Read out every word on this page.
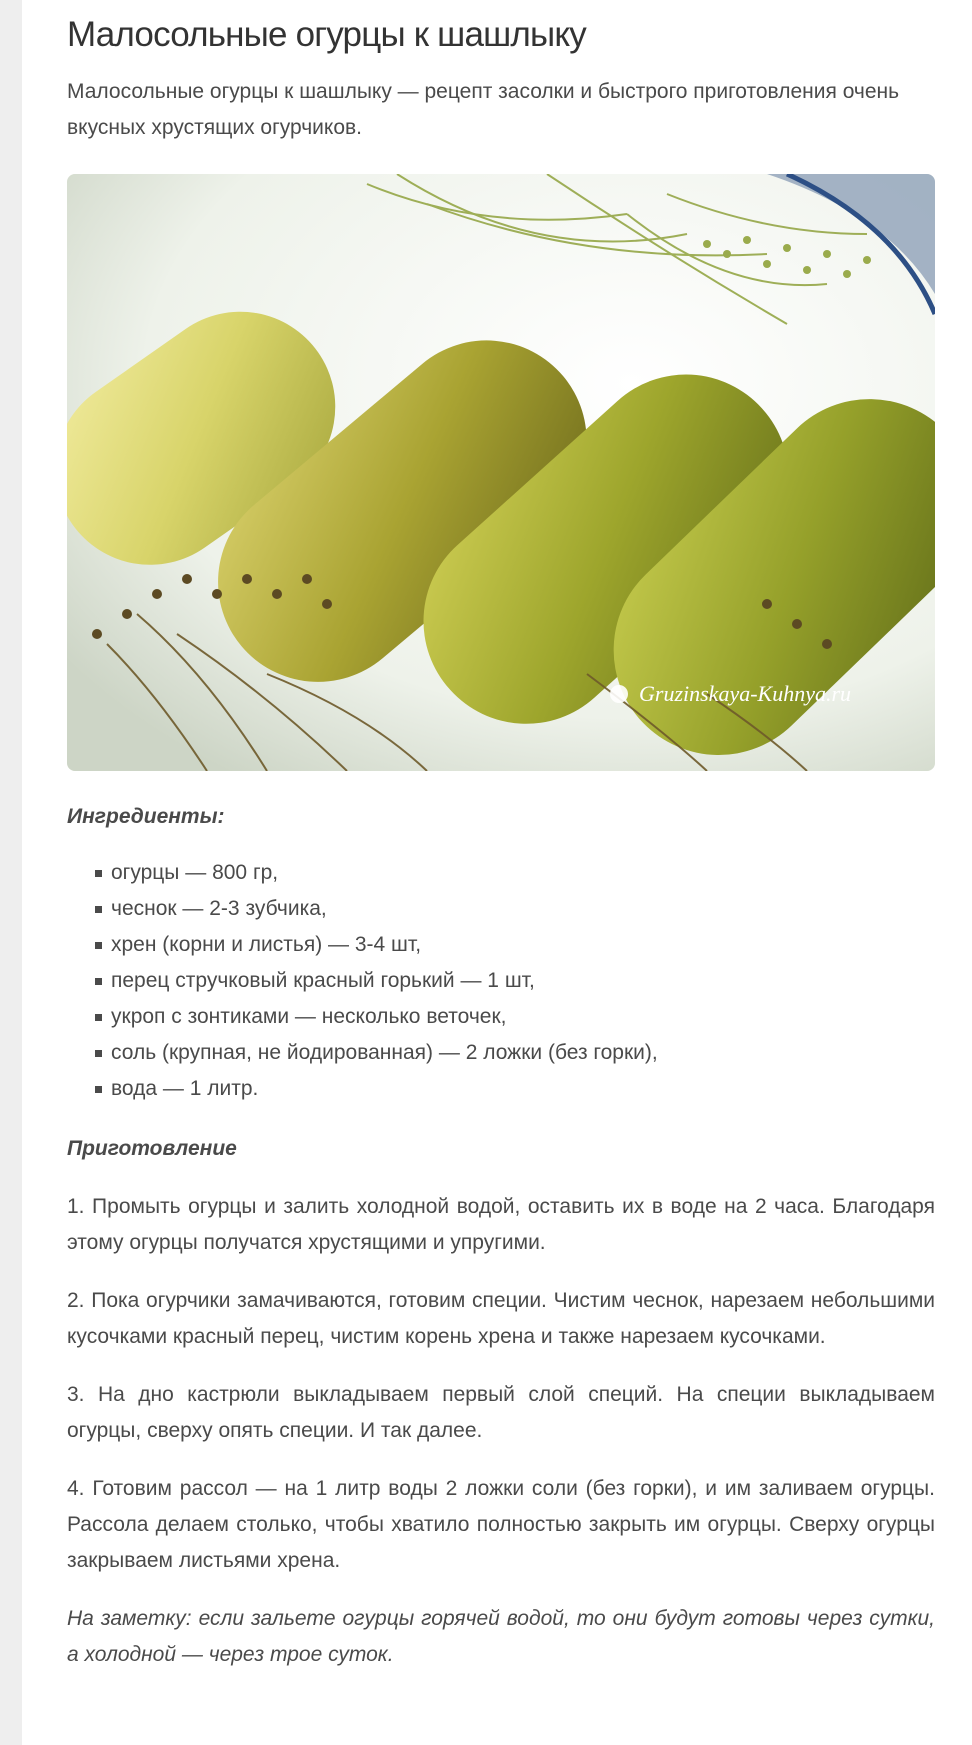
Малосольные огурцы к шашлыку

Малосольные огурцы к шашлыку — рецепт засолки и быстрого приготовления очень вкусных хрустящих огурчиков.

Gruzinskaya-Kuhnya.ru

Ингредиенты:

огурцы — 800 гр,
чеснок — 2-3 зубчика,
хрен (корни и листья) — 3-4 шт,
перец стручковый красный горький — 1 шт,
укроп с зонтиками — несколько веточек,
соль (крупная, не йодированная) — 2 ложки (без горки),
вода — 1 литр.

Приготовление

1. Промыть огурцы и залить холодной водой, оставить их в воде на 2 часа. Благодаря этому огурцы получатся хрустящими и упругими.

2. Пока огурчики замачиваются, готовим специи. Чистим чеснок, нарезаем небольшими кусочками красный перец, чистим корень хрена и также нарезаем кусочками.

3. На дно кастрюли выкладываем первый слой специй. На специи выкладываем огурцы, сверху опять специи. И так далее.

4. Готовим рассол — на 1 литр воды 2 ложки соли (без горки), и им заливаем огурцы. Рассола делаем столько, чтобы хватило полностью закрыть им огурцы. Сверху огурцы закрываем листьями хрена.

На заметку: если зальете огурцы горячей водой, то они будут готовы через сутки, а холодной — через трое суток.
